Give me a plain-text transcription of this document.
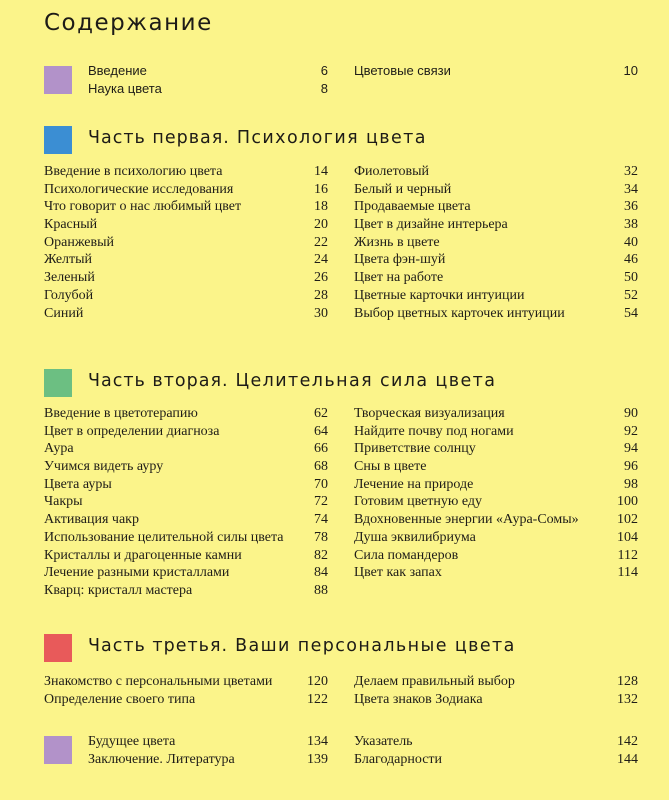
Содержание
Введение	6
Наука цвета	8
Цветовые связи	10
Часть первая. Психология цвета
Введение в психологию цвета	14
Психологические исследования	16
Что говорит о нас любимый цвет	18
Красный	20
Оранжевый	22
Желтый	24
Зеленый	26
Голубой	28
Синий	30
Фиолетовый	32
Белый и черный	34
Продаваемые цвета	36
Цвет в дизайне интерьера	38
Жизнь в цвете	40
Цвета фэн-шуй	46
Цвет на работе	50
Цветные карточки интуиции	52
Выбор цветных карточек интуиции	54
Часть вторая. Целительная сила цвета
Введение в цветотерапию	62
Цвет в определении диагноза	64
Аура	66
Учимся видеть ауру	68
Цвета ауры	70
Чакры	72
Активация чакр	74
Использование целительной силы цвета 78
Кристаллы и драгоценные камни	82
Лечение разными кристаллами	84
Кварц: кристалл мастера	88
Творческая визуализация	90
Найдите почву под ногами	92
Приветствие солнцу	94
Сны в цвете	96
Лечение на природе	98
Готовим цветную еду	100
Вдохновенные энергии «Аура-Сомы»	102
Душа эквилибриума	104
Сила помандеров	112
Цвет как запах	114
Часть третья. Ваши персональные цвета
Знакомство с персональными цветами 120
Определение своего типа	122
Делаем правильный выбор	128
Цвета знаков Зодиака	132
Будущее цвета	134
Заключение. Литература	139
Указатель	142
Благодарности	144
